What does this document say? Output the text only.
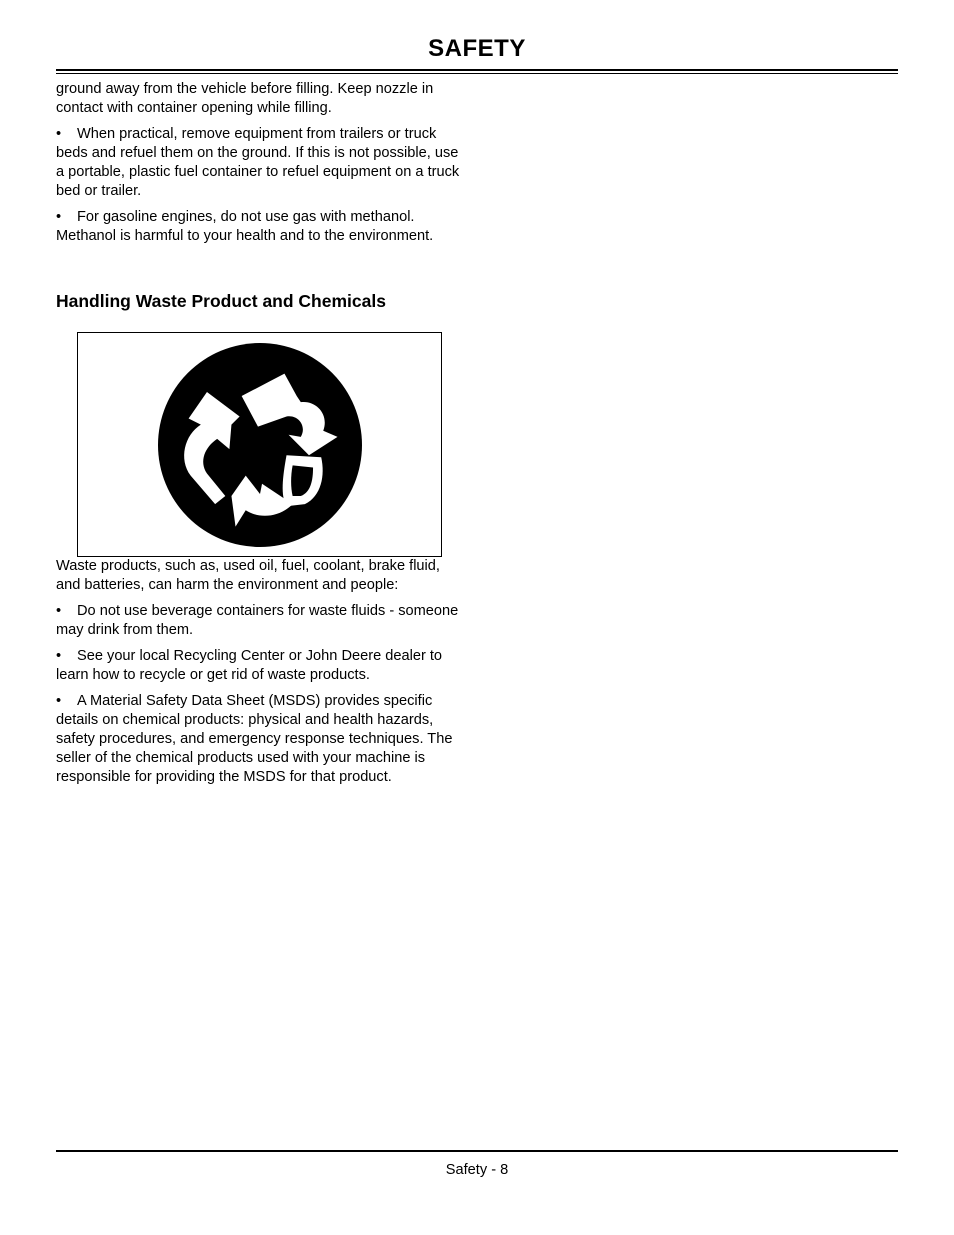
SAFETY

ground away from the vehicle before filling. Keep nozzle in contact with container opening while filling.

• When practical, remove equipment from trailers or truck beds and refuel them on the ground. If this is not possible, use a portable, plastic fuel container to refuel equipment on a truck bed or trailer.

• For gasoline engines, do not use gas with methanol. Methanol is harmful to your health and to the environment.

Handling Waste Product and Chemicals

Waste products, such as, used oil, fuel, coolant, brake fluid, and batteries, can harm the environment and people:

• Do not use beverage containers for waste fluids - someone may drink from them.

• See your local Recycling Center or John Deere dealer to learn how to recycle or get rid of waste products.

• A Material Safety Data Sheet (MSDS) provides specific details on chemical products: physical and health hazards, safety procedures, and emergency response techniques. The seller of the chemical products used with your machine is responsible for providing the MSDS for that product.

Safety - 8
